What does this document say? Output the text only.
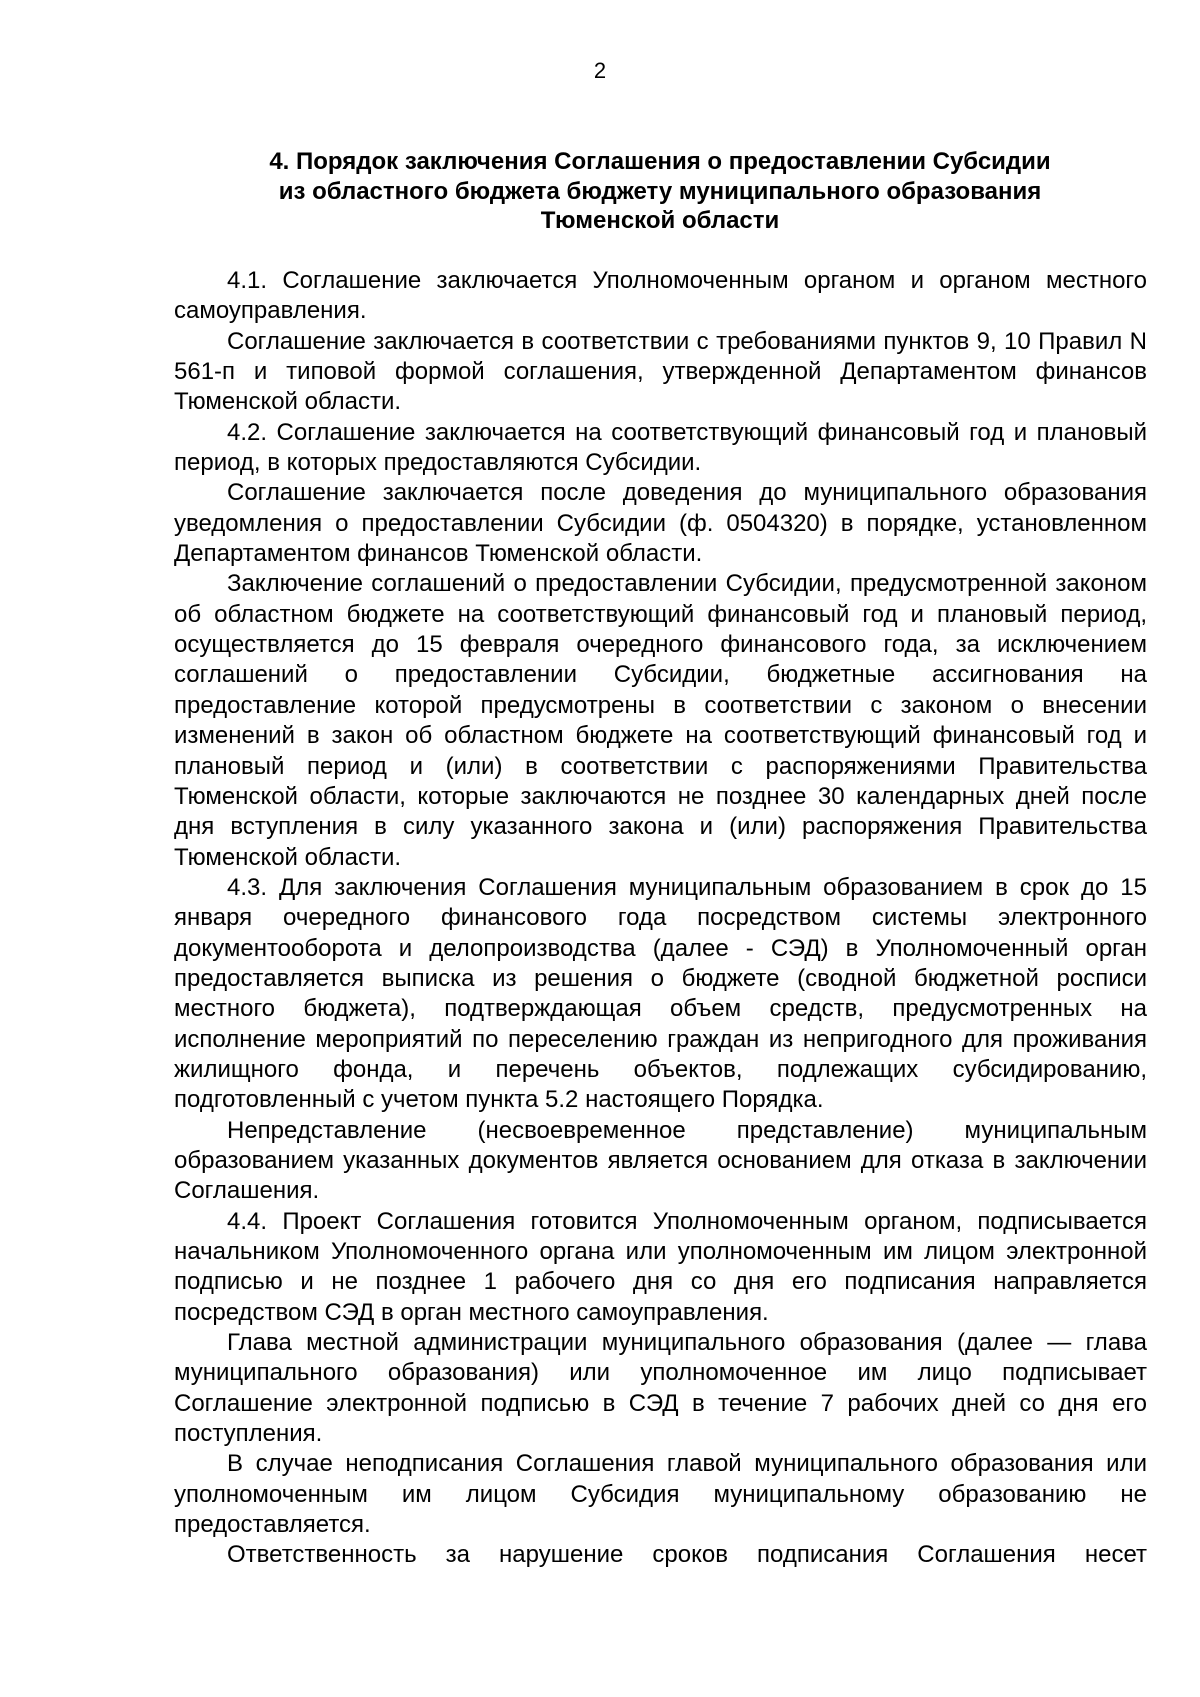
2
4. Порядок заключения Соглашения о предоставлении Субсидии
из областного бюджета бюджету муниципального образования
Тюменской области

4.1. Соглашение заключается Уполномоченным органом и органом местного самоуправления.

Соглашение заключается в соответствии с требованиями пунктов 9, 10 Правил N 561-п и типовой формой соглашения, утвержденной Департаментом финансов Тюменской области.

4.2. Соглашение заключается на соответствующий финансовый год и плановый период, в которых предоставляются Субсидии.

Соглашение заключается после доведения до муниципального образования уведомления о предоставлении Субсидии (ф. 0504320) в порядке, установленном Департаментом финансов Тюменской области.

Заключение соглашений о предоставлении Субсидии, предусмотренной законом об областном бюджете на соответствующий финансовый год и плановый период, осуществляется до 15 февраля очередного финансового года, за исключением соглашений о предоставлении Субсидии, бюджетные ассигнования на предоставление которой предусмотрены в соответствии с законом о внесении изменений в закон об областном бюджете на соответствующий финансовый год и плановый период и (или) в соответствии с распоряжениями Правительства Тюменской области, которые заключаются не позднее 30 календарных дней после дня вступления в силу указанного закона и (или) распоряжения Правительства Тюменской области.

4.3. Для заключения Соглашения муниципальным образованием в срок до 15 января очередного финансового года посредством системы электронного документооборота и делопроизводства (далее - СЭД) в Уполномоченный орган предоставляется выписка из решения о бюджете (сводной бюджетной росписи местного бюджета), подтверждающая объем средств, предусмотренных на исполнение мероприятий по переселению граждан из непригодного для проживания жилищного фонда, и перечень объектов, подлежащих субсидированию, подготовленный с учетом пункта 5.2 настоящего Порядка.

Непредставление (несвоевременное представление) муниципальным образованием указанных документов является основанием для отказа в заключении Соглашения.

4.4. Проект Соглашения готовится Уполномоченным органом, подписывается начальником Уполномоченного органа или уполномоченным им лицом электронной подписью и не позднее 1 рабочего дня со дня его подписания направляется посредством СЭД в орган местного самоуправления.

Глава местной администрации муниципального образования (далее — глава муниципального образования) или уполномоченное им лицо подписывает Соглашение электронной подписью в СЭД в течение 7 рабочих дней со дня его поступления.

В случае неподписания Соглашения главой муниципального образования или уполномоченным им лицом Субсидия муниципальному образованию не предоставляется.

Ответственность за нарушение сроков подписания Соглашения несет
